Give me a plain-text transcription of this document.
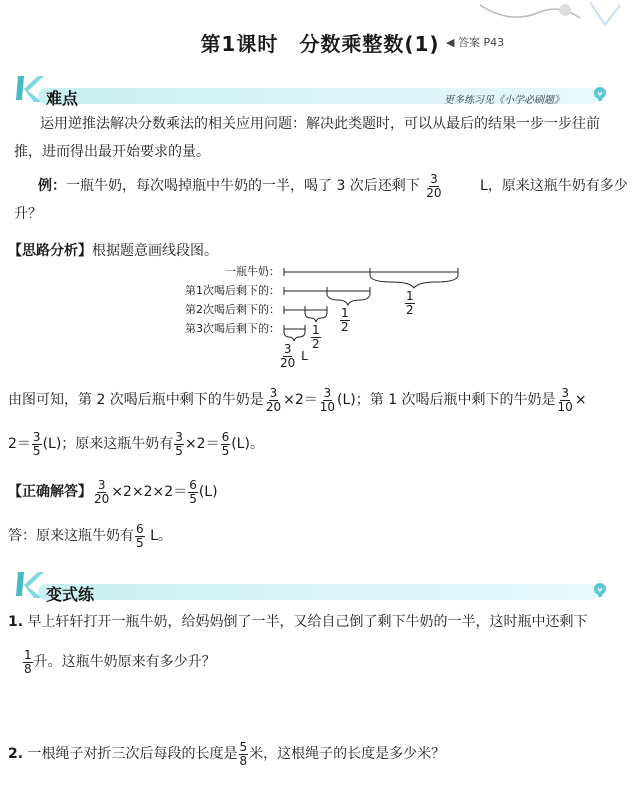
第1课时　分数乘整数(1) ◀ 答案 P43
难点	更多练习见《小学必刷题》
运用逆推法解决分数乘法的相关应用问题：解决此类题时，可以从最后的结果一步一步往前推，进而得出最开始要求的量。
例：一瓶牛奶，每次喝掉瓶中牛奶的一半，喝了 3 次后还剩下 $\frac{3}{20}$	L，原来这瓶牛奶有多少升？
【思路分析】根据题意画线段图。
一瓶牛奶：
第1次喝后剩下的：
第2次喝后剩下的：
第3次喝后剩下的：
$\frac{1}{2}$
$\frac{1}{2}$
$\frac{1}{2}$
$\frac{3}{20}$ L
由图可知，第 2 次喝后瓶中剩下的牛奶是 $\frac{3}{20} \times 2= \frac{3}{10} (L)$；第 1 次喝后瓶中剩下的牛奶是 $\frac{3}{10}$ ×
$2= \frac{3}{5} (L)$；原来这瓶牛奶有 $\frac{3}{5} \times 2= \frac{6}{5} (L)$。
【正确解答】 $\frac{3}{20} \times 2\times 2\times 2= \frac{6}{5} (L)$
答：原来这瓶牛奶有 $\frac{6}{5}$ L。
变式练
1. 早上轩轩打开一瓶牛奶，给妈妈倒了一半，又给自己倒了剩下牛奶的一半，这时瓶中还剩下
$\frac{1}{8}$ 升。这瓶牛奶原来有多少升？
2. 一根绳子对折三次后每段的长度是 $\frac{5}{8}$ 米，这根绳子的长度是多少米？
